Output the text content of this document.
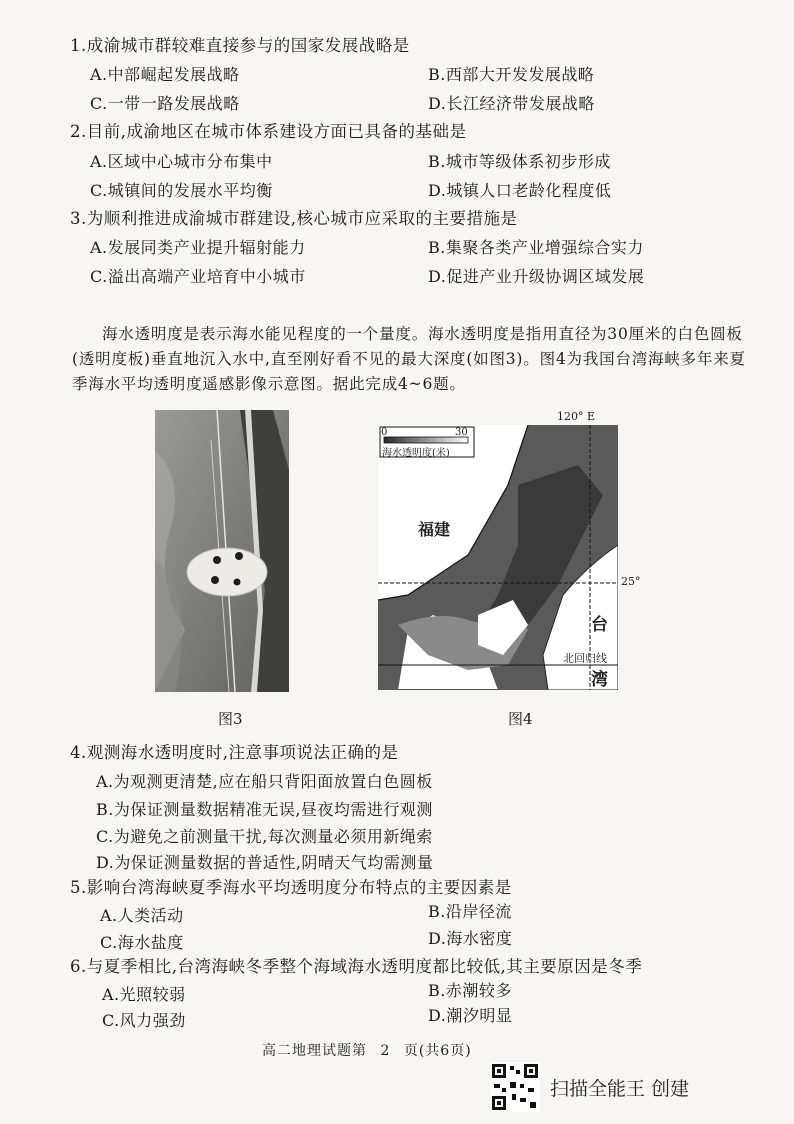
1.成渝城市群较难直接参与的国家发展战略是
A.中部崛起发展战略	B.西部大开发发展战略
C.一带一路发展战略	D.长江经济带发展战略
2.目前,成渝地区在城市体系建设方面已具备的基础是
A.区域中心城市分布集中	B.城市等级体系初步形成
C.城镇间的发展水平均衡	D.城镇人口老龄化程度低
3.为顺利推进成渝城市群建设,核心城市应采取的主要措施是
A.发展同类产业提升辐射能力	B.集聚各类产业增强综合实力
C.溢出高端产业培育中小城市	D.促进产业升级协调区域发展
海水透明度是表示海水能见程度的一个量度。海水透明度是指用直径为30厘米的白色圆板(透明度板)垂直地沉入水中,直至刚好看不见的最大深度(如图3)。图4为我国台湾海峡多年来夏季海水平均透明度遥感影像示意图。据此完成4~6题。
图3
0	30
海水透明度(米)
120° E
25°
福建
台
北回归线
湾
图4
4.观测海水透明度时,注意事项说法正确的是
A.为观测更清楚,应在船只背阳面放置白色圆板
B.为保证测量数据精准无误,昼夜均需进行观测
C.为避免之前测量干扰,每次测量必须用新绳索
D.为保证测量数据的普适性,阴晴天气均需测量
5.影响台湾海峡夏季海水平均透明度分布特点的主要因素是
A.人类活动	B.沿岸径流
C.海水盐度	D.海水密度
6.与夏季相比,台湾海峡冬季整个海域海水透明度都比较低,其主要原因是冬季
A.光照较弱	B.赤潮较多
C.风力强劲	D.潮汐明显
高二地理试题第 2 页(共6页)
扫描全能王 创建
